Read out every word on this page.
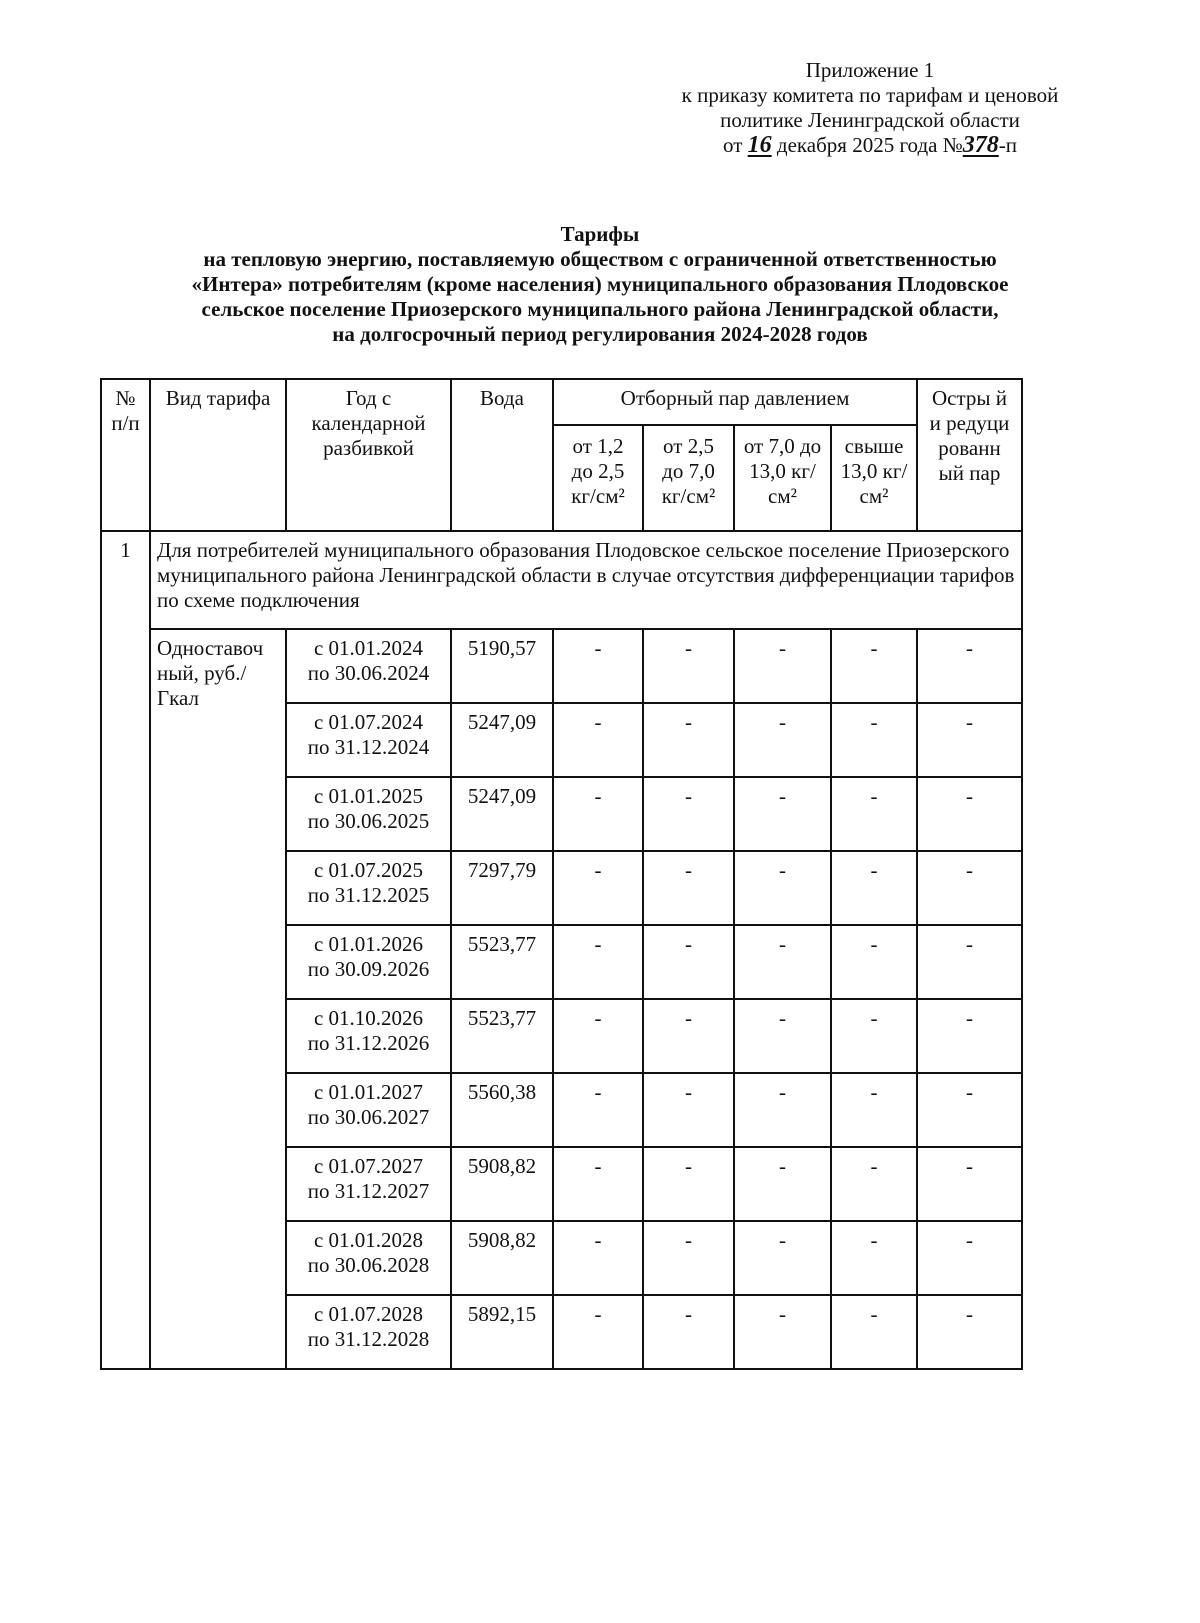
Приложение 1
к приказу комитета по тарифам и ценовой
политике Ленинградской области
от 16 декабря 2025 года №378-п
Тарифы
на тепловую энергию, поставляемую обществом с ограниченной ответственностью
«Интера» потребителям (кроме населения) муниципального образования Плодовское
сельское поселение Приозерского муниципального района Ленинградской области,
на долгосрочный период регулирования 2024-2028 годов
№ п/п	Вид тарифа	Год с календарной разбивкой	Вода	Отборный пар давлением				Остры й и редуци рованн ый пар
				от 1,2 до 2,5 кг/см²	от 2,5 до 7,0 кг/см²	от 7,0 до 13,0 кг/см²	свыше 13,0 кг/см²	
1	Для потребителей муниципального образования Плодовское сельское поселение Приозерского муниципального района Ленинградской области в случае отсутствия дифференциации тарифов по схеме подключения							
	Одноставоч ный, руб./Гкал	с 01.01.2024
по 30.06.2024	5190,57	-	-	-	-	-

		с 01.07.2024
по 31.12.2024	5247,09	-	-	-	-	-

		с 01.01.2025
по 30.06.2025	5247,09	-	-	-	-	-

		с 01.07.2025
по 31.12.2025	7297,79	-	-	-	-	-

		с 01.01.2026
по 30.09.2026	5523,77	-	-	-	-	-

		с 01.10.2026
по 31.12.2026	5523,77	-	-	-	-	-

		с 01.01.2027
по 30.06.2027	5560,38	-	-	-	-	-

		с 01.07.2027
по 31.12.2027	5908,82	-	-	-	-	-

		с 01.01.2028
по 30.06.2028	5908,82	-	-	-	-	-

		с 01.07.2028
по 31.12.2028	5892,15	-	-	-	-	-
